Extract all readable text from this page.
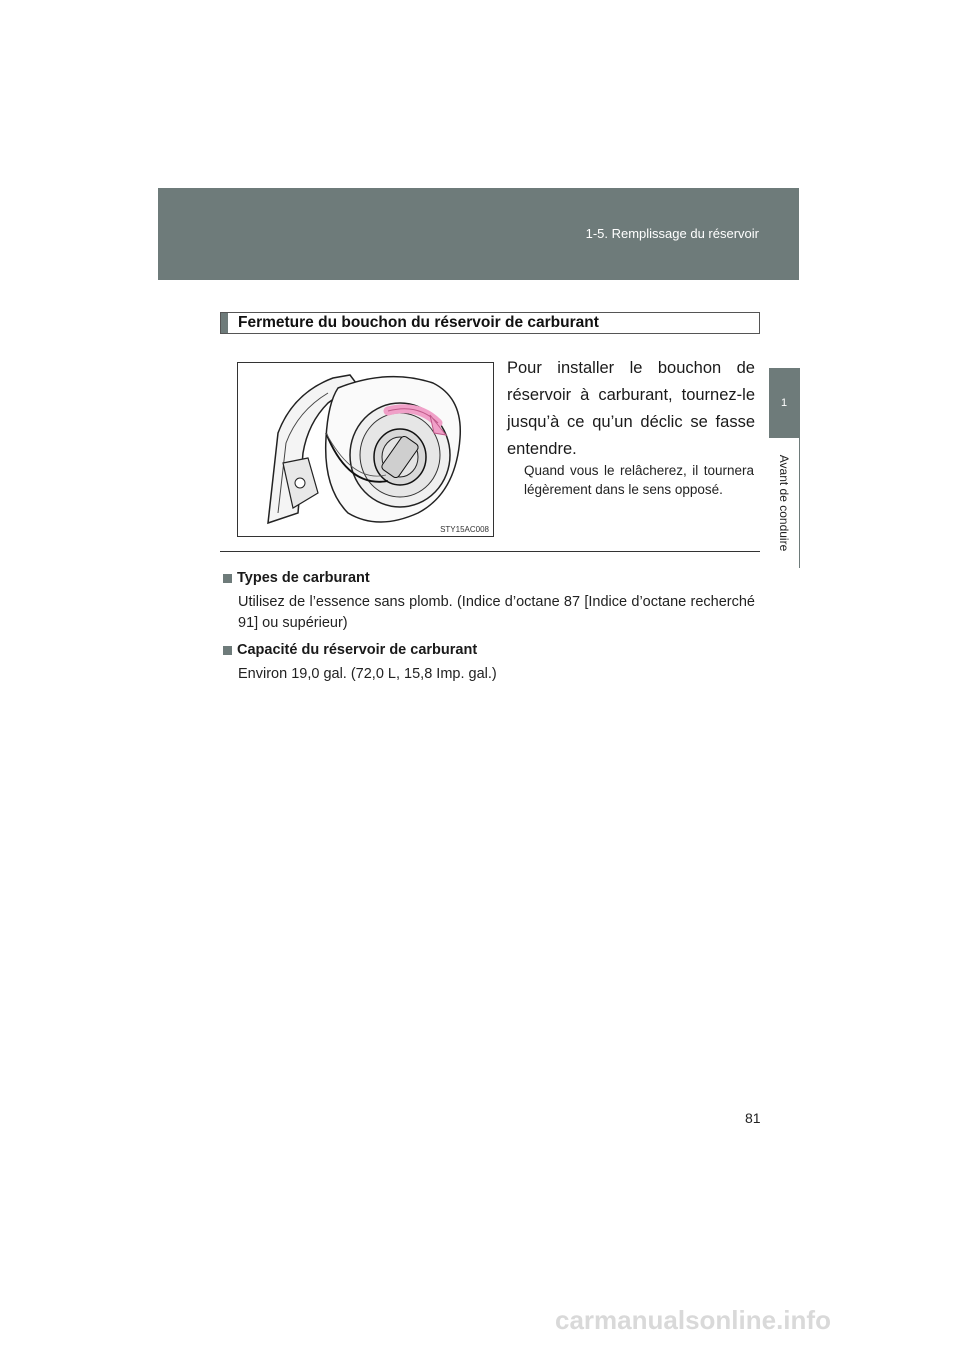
1-5. Remplissage du réservoir
1
Avant de conduire
Fermeture du bouchon du réservoir de carburant
STY15AC008
Pour installer le bouchon de réservoir à carburant, tournez-le jusqu’à ce qu’un déclic se fasse entendre.
Quand vous le relâcherez, il tournera légèrement dans le sens opposé.
Types de carburant
Utilisez de l’essence sans plomb. (Indice d’octane 87 [Indice d’octane recherché 91] ou supérieur)
Capacité du réservoir de carburant
Environ 19,0 gal. (72,0 L, 15,8 Imp. gal.)
81
carmanualsonline.info
